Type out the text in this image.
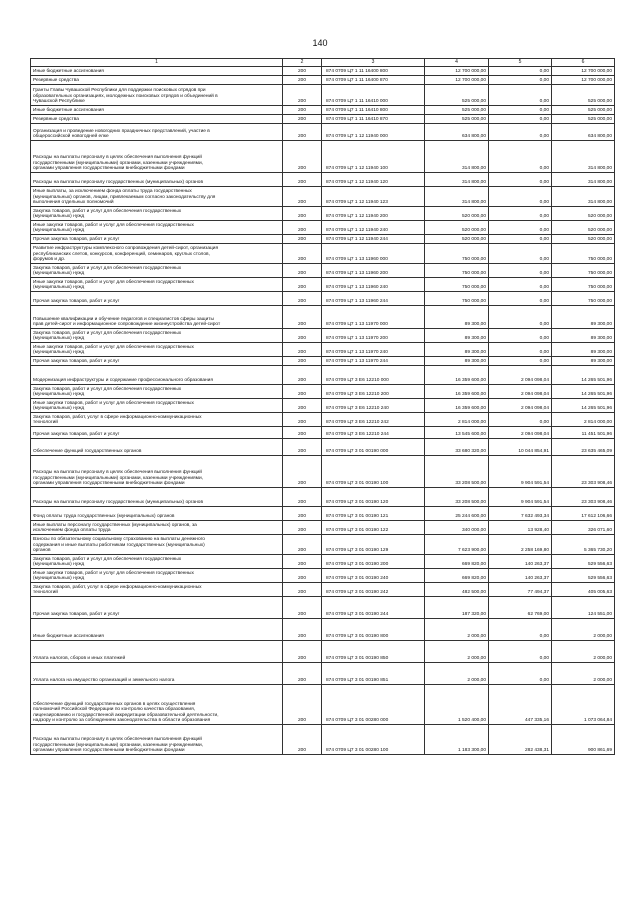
140
1	2	3	4	5	6
Иные бюджетные ассигнования	200	874 0709 Ц7 1 11 16400 800	12 700 000,00	0,00	12 700 000,00
Резервные средства	200	874 0709 Ц7 1 11 16400 870	12 700 000,00	0,00	12 700 000,00
Гранты Главы Чувашской Республики для поддержки поисковых отрядов при
образовательных организациях, молодежных поисковых отрядов и объединений в
Чувашской Республике	200	874 0709 Ц7 1 11 16410 000	525 000,00	0,00	525 000,00
Иные бюджетные ассигнования	200	874 0709 Ц7 1 11 16410 800	525 000,00	0,00	525 000,00
Резервные средства	200	874 0709 Ц7 1 11 16410 870	525 000,00	0,00	525 000,00
Организация и проведение новогодних праздничных представлений, участие в
общероссийской новогодней елке	200	874 0709 Ц7 1 12 11940 000	634 800,00	0,00	634 800,00
Расходы на выплаты персоналу в целях обеспечения выполнения функций
государственными (муниципальными) органами, казенными учреждениями,
органами управления государственными внебюджетными фондами	200	874 0709 Ц7 1 12 11940 100	314 800,00	0,00	314 800,00
Расходы на выплаты персоналу государственных (муниципальных) органов	200	874 0709 Ц7 1 12 11940 120	314 800,00	0,00	314 800,00
Иные выплаты, за исключением фонда оплаты труда государственных
(муниципальных) органов, лицам, привлекаемым согласно законодательству для
выполнения отдельных полномочий	200	874 0709 Ц7 1 12 11940 123	314 800,00	0,00	314 800,00
Закупка товаров, работ и услуг для обеспечения государственных
(муниципальных) нужд	200	874 0709 Ц7 1 12 11940 200	520 000,00	0,00	520 000,00
Иные закупки товаров, работ и услуг для обеспечения государственных
(муниципальных) нужд	200	874 0709 Ц7 1 12 11940 240	520 000,00	0,00	520 000,00
Прочая закупка товаров, работ и услуг	200	874 0709 Ц7 1 12 11940 244	520 000,00	0,00	520 000,00
Развитие инфраструктуры комплексного сопровождения детей-сирот, организация
республиканских слетов, конкурсов, конференций, семинаров, круглых столов,
форумов и др.	200	874 0709 Ц7 1 13 11960 000	750 000,00	0,00	750 000,00
Закупка товаров, работ и услуг для обеспечения государственных
(муниципальных) нужд	200	874 0709 Ц7 1 13 11960 200	750 000,00	0,00	750 000,00
Иные закупки товаров, работ и услуг для обеспечения государственных
(муниципальных) нужд	200	874 0709 Ц7 1 13 11960 240	750 000,00	0,00	750 000,00
Прочая закупка товаров, работ и услуг	200	874 0709 Ц7 1 13 11960 244	750 000,00	0,00	750 000,00
Повышение квалификации и обучение педагогов и специалистов сферы защиты
прав детей-сирот и информационное сопровождение жизнеустройства детей-сирот	200	874 0709 Ц7 1 13 11970 000	89 300,00	0,00	89 300,00
Закупка товаров, работ и услуг для обеспечения государственных
(муниципальных) нужд	200	874 0709 Ц7 1 13 11970 200	89 300,00	0,00	89 300,00
Иные закупки товаров, работ и услуг для обеспечения государственных
(муниципальных) нужд	200	874 0709 Ц7 1 13 11970 240	89 300,00	0,00	89 300,00
Прочая закупка товаров, работ и услуг	200	874 0709 Ц7 1 13 11970 244	89 300,00	0,00	89 300,00
Модернизация инфраструктуры и содержание профессионального образования	200	874 0709 Ц7 3 Е6 12210 000	16 359 600,00	2 094 098,04	14 265 501,96
Закупка товаров, работ и услуг для обеспечения государственных
(муниципальных) нужд	200	874 0709 Ц7 3 Е6 12210 200	16 359 600,00	2 094 098,04	14 265 501,96
Иные закупки товаров, работ и услуг для обеспечения государственных
(муниципальных) нужд	200	874 0709 Ц7 3 Е6 12210 240	16 359 600,00	2 094 098,04	14 265 501,96
Закупка товаров, работ, услуг в сфере информационно-коммуникационных
технологий	200	874 0709 Ц7 3 Е6 12210 242	2 814 000,00	0,00	2 814 000,00
Прочая закупка товаров, работ и услуг	200	874 0709 Ц7 3 Е6 12210 244	13 545 600,00	2 094 098,04	11 451 501,96
Обеспечение функций государственных органов	200	874 0709 Ц7 3 01 00190 000	33 680 320,00	10 044 854,91	23 635 465,09
Расходы на выплаты персоналу в целях обеспечения выполнения функций
государственными (муниципальными) органами, казенными учреждениями,
органами управления государственными внебюджетными фондами	200	874 0709 Ц7 3 01 00190 100	33 208 500,00	9 904 591,54	23 303 908,46
Расходы на выплаты персоналу государственных (муниципальных) органов	200	874 0709 Ц7 3 01 00190 120	33 208 500,00	9 904 591,54	23 303 908,46
Фонд оплаты труда государственных (муниципальных) органов	200	874 0709 Ц7 3 01 00190 121	25 244 600,00	7 632 493,34	17 612 106,66
Иные выплаты персоналу государственных (муниципальных) органов, за
исключением фонда оплаты труда	200	874 0709 Ц7 3 01 00190 122	340 000,00	13 928,40	326 071,60
Взносы по обязательному социальному страхованию на выплаты денежного
содержания и иные выплаты работникам государственных (муниципальных)
органов	200	874 0709 Ц7 3 01 00190 129	7 623 900,00	2 258 169,80	5 365 730,20
Закупка товаров, работ и услуг для обеспечения государственных
(муниципальных) нужд	200	874 0709 Ц7 3 01 00190 200	669 820,00	140 263,37	529 556,63
Иные закупки товаров, работ и услуг для обеспечения государственных
(муниципальных) нужд	200	874 0709 Ц7 3 01 00190 240	669 820,00	140 263,37	529 556,63
Закупка товаров, работ, услуг в сфере информационно-коммуникационных
технологий	200	874 0709 Ц7 3 01 00190 242	482 500,00	77 494,37	405 005,63
Прочая закупка товаров, работ и услуг	200	874 0709 Ц7 3 01 00190 244	187 320,00	62 769,00	124 551,00
Иные бюджетные ассигнования	200	874 0709 Ц7 3 01 00190 800	2 000,00	0,00	2 000,00
Уплата налогов, сборов и иных платежей	200	874 0709 Ц7 3 01 00190 850	2 000,00	0,00	2 000,00
Уплата налога на имущество организаций и земельного налога	200	874 0709 Ц7 3 01 00190 851	2 000,00	0,00	2 000,00
Обеспечение функций государственных органов в целях осуществления
полномочий Российской Федерации по контролю качества образования,
лицензированию и государственной аккредитации образовательной деятельности,
надзору и контролю за соблюдением законодательства в области образования	200	874 0709 Ц7 3 01 00280 000	1 520 400,00	447 335,16	1 073 064,84
Расходы на выплаты персоналу в целях обеспечения выполнения функций
государственными (муниципальными) органами, казенными учреждениями,
органами управления государственными внебюджетными фондами	200	874 0709 Ц7 3 01 00280 100	1 183 300,00	282 438,31	900 861,69
